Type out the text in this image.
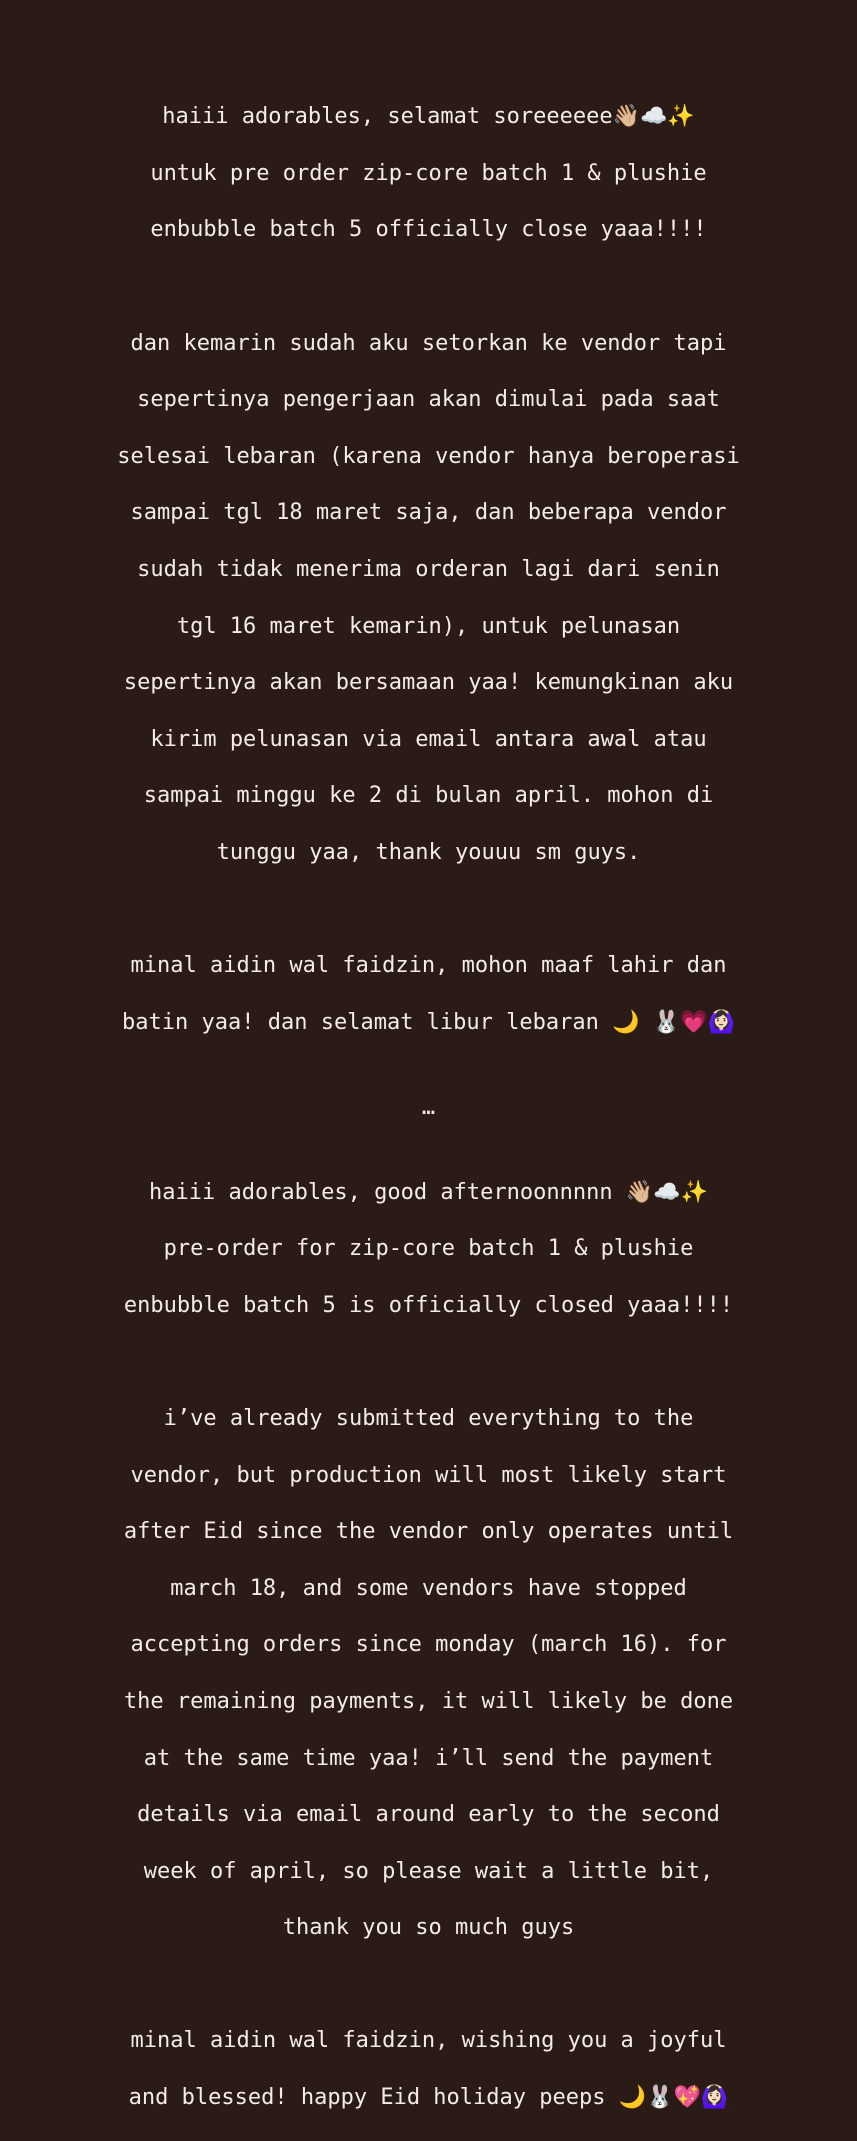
haiii adorables, selamat soreeeeee👋🏼☁️✨

untuk pre order zip-core batch 1 & plushie

enbubble batch 5 officially close yaaa!!!!

dan kemarin sudah aku setorkan ke vendor tapi

sepertinya pengerjaan akan dimulai pada saat

selesai lebaran (karena vendor hanya beroperasi

sampai tgl 18 maret saja, dan beberapa vendor

sudah tidak menerima orderan lagi dari senin

tgl 16 maret kemarin), untuk pelunasan

sepertinya akan bersamaan yaa! kemungkinan aku

kirim pelunasan via email antara awal atau

sampai minggu ke 2 di bulan april. mohon di

tunggu yaa, thank youuu sm guys.

minal aidin wal faidzin, mohon maaf lahir dan

batin yaa! dan selamat libur lebaran 🌙 🐰💗🙆🏻‍♀️

…

haiii adorables, good afternoonnnnn 👋🏼☁️✨

pre-order for zip-core batch 1 & plushie

enbubble batch 5 is officially closed yaaa!!!!

i’ve already submitted everything to the

vendor, but production will most likely start

after Eid since the vendor only operates until

march 18, and some vendors have stopped

accepting orders since monday (march 16). for

the remaining payments, it will likely be done

at the same time yaa! i’ll send the payment

details via email around early to the second

week of april, so please wait a little bit,

thank you so much guys

minal aidin wal faidzin, wishing you a joyful

and blessed! happy Eid holiday peeps 🌙🐰💖🙆🏻‍♀️
